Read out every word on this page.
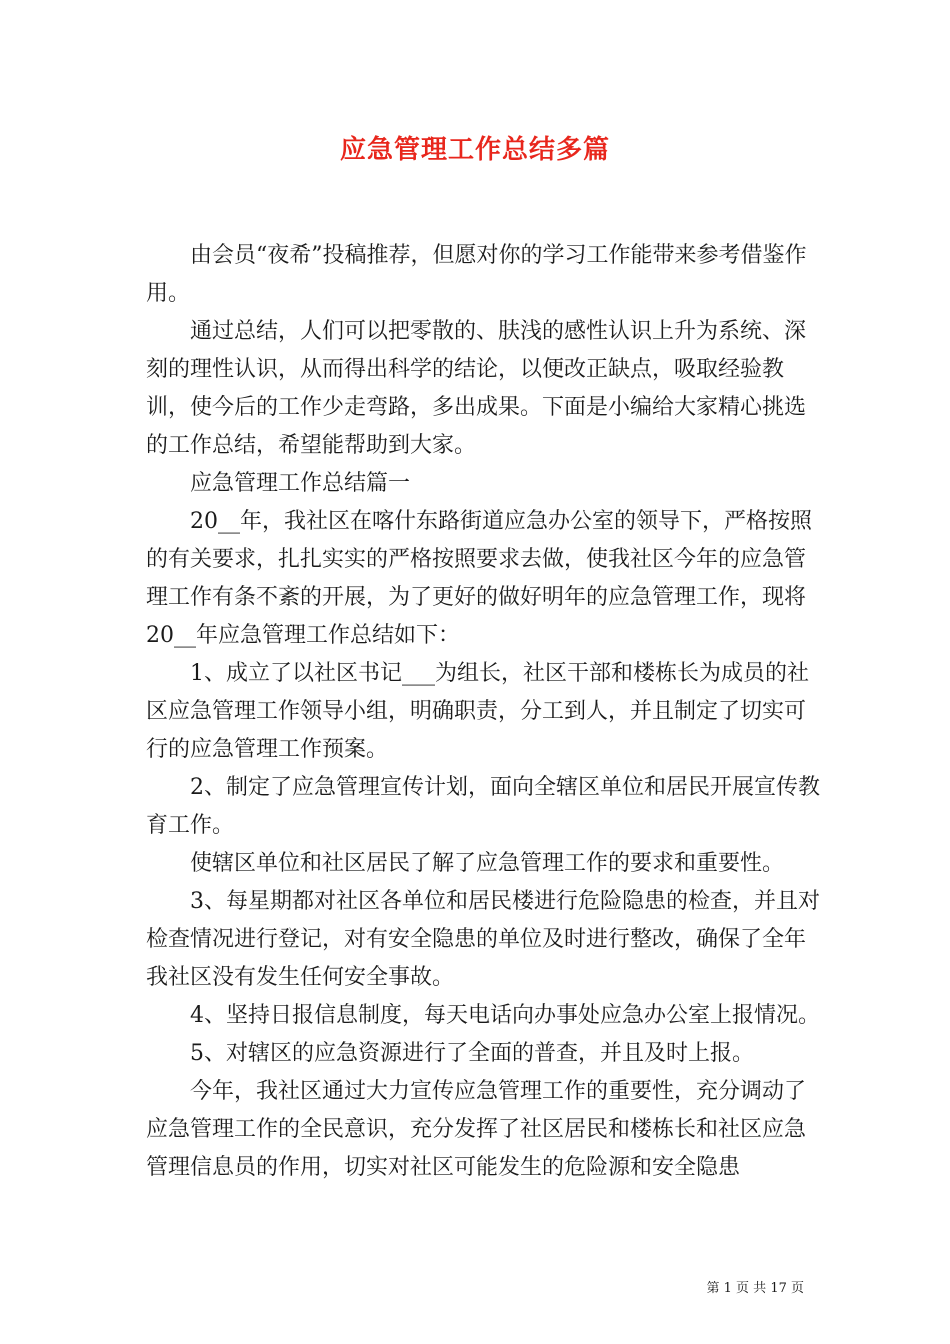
应急管理工作总结多篇

由会员“夜希”投稿推荐，但愿对你的学习工作能带来参考借鉴作用。

通过总结，人们可以把零散的、肤浅的感性认识上升为系统、深刻的理性认识，从而得出科学的结论，以便改正缺点，吸取经验教训，使今后的工作少走弯路，多出成果。下面是小编给大家精心挑选的工作总结，希望能帮助到大家。

应急管理工作总结篇一

20__年，我社区在喀什东路街道应急办公室的领导下，严格按照的有关要求，扎扎实实的严格按照要求去做，使我社区今年的应急管理工作有条不紊的开展，为了更好的做好明年的应急管理工作，现将20__年应急管理工作总结如下：

1、成立了以社区书记___为组长，社区干部和楼栋长为成员的社区应急管理工作领导小组，明确职责，分工到人，并且制定了切实可行的应急管理工作预案。

2、制定了应急管理宣传计划，面向全辖区单位和居民开展宣传教育工作。

使辖区单位和社区居民了解了应急管理工作的要求和重要性。

3、每星期都对社区各单位和居民楼进行危险隐患的检查，并且对检查情况进行登记，对有安全隐患的单位及时进行整改，确保了全年我社区没有发生任何安全事故。

4、坚持日报信息制度，每天电话向办事处应急办公室上报情况。

5、对辖区的应急资源进行了全面的普查，并且及时上报。

今年，我社区通过大力宣传应急管理工作的重要性，充分调动了应急管理工作的全民意识，充分发挥了社区居民和楼栋长和社区应急管理信息员的作用，切实对社区可能发生的危险源和安全隐患

第 1 页 共 17 页
